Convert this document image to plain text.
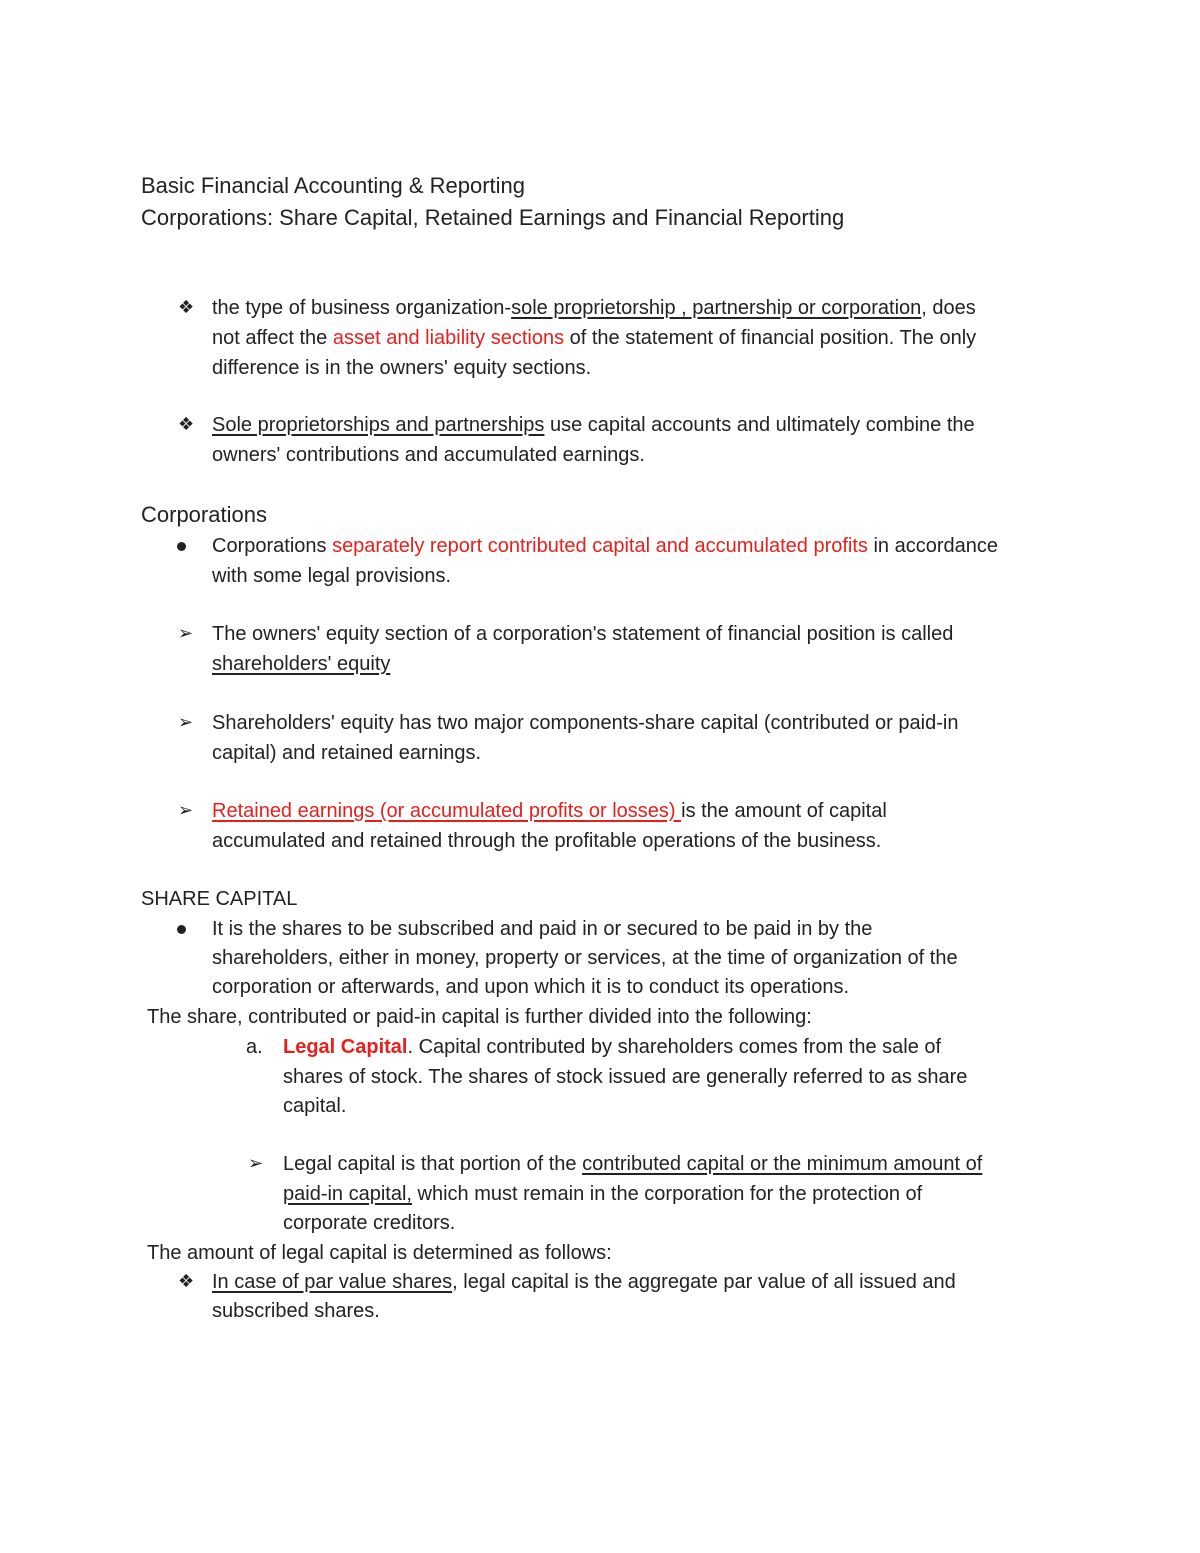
Basic Financial Accounting & Reporting
Corporations: Share Capital, Retained Earnings and Financial Reporting
❖ the type of business organization-sole proprietorship , partnership or corporation, does
not affect the asset and liability sections of the statement of financial position. The only
difference is in the owners' equity sections.
❖ Sole proprietorships and partnerships use capital accounts and ultimately combine the
owners' contributions and accumulated earnings.
Corporations
Corporations separately report contributed capital and accumulated profits in accordance
with some legal provisions.
➢ The owners' equity section of a corporation's statement of financial position is called
shareholders' equity
➢ Shareholders' equity has two major components-share capital (contributed or paid-in
capital) and retained earnings.
➢ Retained earnings (or accumulated profits or losses) is the amount of capital
accumulated and retained through the profitable operations of the business.
SHARE CAPITAL
It is the shares to be subscribed and paid in or secured to be paid in by the
shareholders, either in money, property or services, at the time of organization of the
corporation or afterwards, and upon which it is to conduct its operations.
The share, contributed or paid-in capital is further divided into the following:
a. Legal Capital. Capital contributed by shareholders comes from the sale of
shares of stock. The shares of stock issued are generally referred to as share
capital.
➢ Legal capital is that portion of the contributed capital or the minimum amount of
paid-in capital, which must remain in the corporation for the protection of
corporate creditors.
The amount of legal capital is determined as follows:
❖ In case of par value shares, legal capital is the aggregate par value of all issued and
subscribed shares.
